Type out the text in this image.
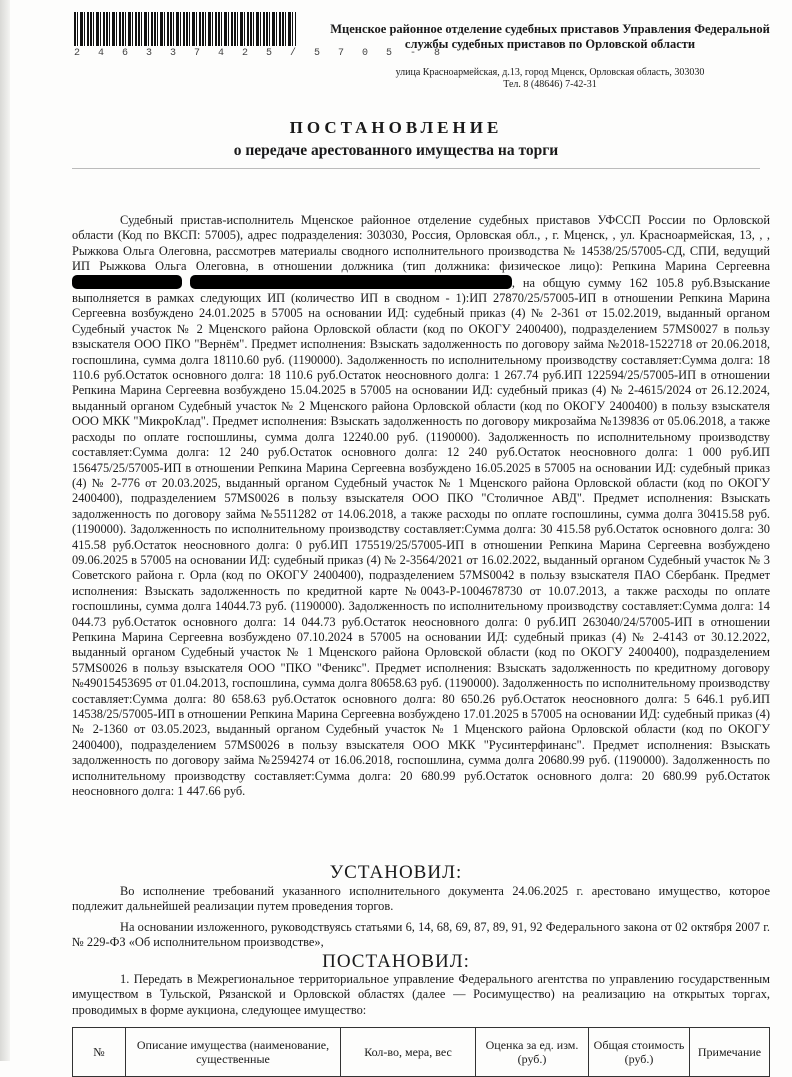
2 4 6 3 3 7 4 2 5 / 5 7 0 5 - 8
Мценское районное отделение судебных приставов Управления Федеральной
службы судебных приставов по Орловской области
улица Красноармейская, д.13, город Мценск, Орловская область, 303030
Тел. 8 (48646) 7-42-31
ПОСТАНОВЛЕНИЕ
о передаче арестованного имущества на торги
Судебный пристав-исполнитель Мценское районное отделение судебных приставов УФССП России по Орловской области (Код по ВКСП: 57005), адрес подразделения: 303030, Россия, Орловская обл., , г. Мценск, , ул. Красноармейская, 13, , , Рыжкова Ольга Олеговна, рассмотрев материалы сводного исполнительного производства № 14538/25/57005-СД, СПИ, ведущий ИП Рыжкова Ольга Олеговна, в отношении должника (тип должника: физическое лицо): Репкина Марина Сергеевна  , на общую сумму 162 105.8 руб.Взыскание выполняется в рамках следующих ИП (количество ИП в сводном - 1):ИП 27870/25/57005-ИП в отношении Репкина Марина Сергеевна возбуждено 24.01.2025 в 57005 на основании ИД: судебный приказ (4) № 2-361 от 15.02.2019, выданный органом Судебный участок № 2 Мценского района Орловской области (код по ОКОГУ 2400400), подразделением 57MS0027 в пользу взыскателя ООО ПКО "Вернём". Предмет исполнения: Взыскать задолженность по договору займа №2018-1522718 от 20.06.2018, госпошлина, сумма долга 18110.60 руб. (1190000). Задолженность по исполнительному производству составляет:Сумма долга: 18 110.6 руб.Остаток основного долга: 18 110.6 руб.Остаток неосновного долга: 1 267.74 руб.ИП 122594/25/57005-ИП в отношении Репкина Марина Сергеевна возбуждено 15.04.2025 в 57005 на основании ИД: судебный приказ (4) № 2-4615/2024 от 26.12.2024, выданный органом Судебный участок № 2 Мценского района Орловской области (код по ОКОГУ 2400400) в пользу взыскателя ООО МКК "МикроКлад". Предмет исполнения: Взыскать задолженность по договору микрозайма №139836 от 05.06.2018, а также расходы по оплате госпошлины, сумма долга 12240.00 руб. (1190000). Задолженность по исполнительному производству составляет:Сумма долга: 12 240 руб.Остаток основного долга: 12 240 руб.Остаток неосновного долга: 1 000 руб.ИП 156475/25/57005-ИП в отношении Репкина Марина Сергеевна возбуждено 16.05.2025 в 57005 на основании ИД: судебный приказ (4) № 2-776 от 20.03.2025, выданный органом Судебный участок № 1 Мценского района Орловской области (код по ОКОГУ 2400400), подразделением 57MS0026 в пользу взыскателя ООО ПКО "Столичное АВД". Предмет исполнения: Взыскать задолженность по договору займа №5511282 от 14.06.2018, а также расходы по оплате госпошлины, сумма долга 30415.58 руб. (1190000). Задолженность по исполнительному производству составляет:Сумма долга: 30 415.58 руб.Остаток основного долга: 30 415.58 руб.Остаток неосновного долга: 0 руб.ИП 175519/25/57005-ИП в отношении Репкина Марина Сергеевна возбуждено 09.06.2025 в 57005 на основании ИД: судебный приказ (4) № 2-3564/2021 от 16.02.2022, выданный органом Судебный участок № 3 Советского района г. Орла (код по ОКОГУ 2400400), подразделением 57MS0042 в пользу взыскателя ПАО Сбербанк. Предмет исполнения: Взыскать задолженность по кредитной карте №0043-Р-1004678730 от 10.07.2013, а также расходы по оплате госпошлины, сумма долга 14044.73 руб. (1190000). Задолженность по исполнительному производству составляет:Сумма долга: 14 044.73 руб.Остаток основного долга: 14 044.73 руб.Остаток неосновного долга: 0 руб.ИП 263040/24/57005-ИП в отношении Репкина Марина Сергеевна возбуждено 07.10.2024 в 57005 на основании ИД: судебный приказ (4) № 2-4143 от 30.12.2022, выданный органом Судебный участок № 1 Мценского района Орловской области (код по ОКОГУ 2400400), подразделением 57MS0026 в пользу взыскателя ООО "ПКО "Феникс". Предмет исполнения: Взыскать задолженность по кредитному договору №49015453695 от 01.04.2013, госпошлина, сумма долга 80658.63 руб. (1190000). Задолженность по исполнительному производству составляет:Сумма долга: 80 658.63 руб.Остаток основного долга: 80 650.26 руб.Остаток неосновного долга: 5 646.1 руб.ИП 14538/25/57005-ИП в отношении Репкина Марина Сергеевна возбуждено 17.01.2025 в 57005 на основании ИД: судебный приказ (4) № 2-1360 от 03.05.2023, выданный органом Судебный участок № 1 Мценского района Орловской области (код по ОКОГУ 2400400), подразделением 57MS0026 в пользу взыскателя ООО МКК "Русинтерфинанс". Предмет исполнения: Взыскать задолженность по договору займа №2594274 от 16.06.2018, госпошлина, сумма долга 20680.99 руб. (1190000). Задолженность по исполнительному производству составляет:Сумма долга: 20 680.99 руб.Остаток основного долга: 20 680.99 руб.Остаток неосновного долга: 1 447.66 руб.
УСТАНОВИЛ:
Во исполнение требований указанного исполнительного документа 24.06.2025 г. арестовано имущество, которое подлежит дальнейшей реализации путем проведения торгов.
На основании изложенного, руководствуясь статьями 6, 14, 68, 69, 87, 89, 91, 92 Федерального закона от 02 октября 2007 г. № 229-ФЗ «Об исполнительном производстве»,
ПОСТАНОВИЛ:
1. Передать в Межрегиональное территориальное управление Федерального агентства по управлению государственным имуществом в Тульской, Рязанской и Орловской областях (далее — Росимущество) на реализацию на открытых торгах, проводимых в форме аукциона, следующее имущество:
№	Описание имущества (наименование, существенные	Кол-во, мера, вес	Оценка за ед. изм. (руб.)	Общая стоимость (руб.)	Примечание
